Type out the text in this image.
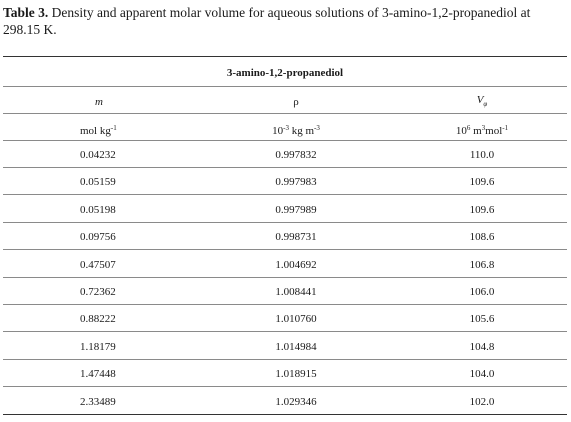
Table 3. Density and apparent molar volume for aqueous solutions of 3-amino-1,2-propanediol at 298.15 K.
3-amino-1,2-propanediol
m	ρ	$V_\varphi$
mol $kg^{-1}$	$10^{-3}$ kg $m^{-3}$	$10^6$ $m^3mol^{-1}$
0.04232	0.997832	110.0
0.05159	0.997983	109.6
0.05198	0.997989	109.6
0.09756	0.998731	108.6
0.47507	1.004692	106.8
0.72362	1.008441	106.0
0.88222	1.010760	105.6
1.18179	1.014984	104.8
1.47448	1.018915	104.0
2.33489	1.029346	102.0
